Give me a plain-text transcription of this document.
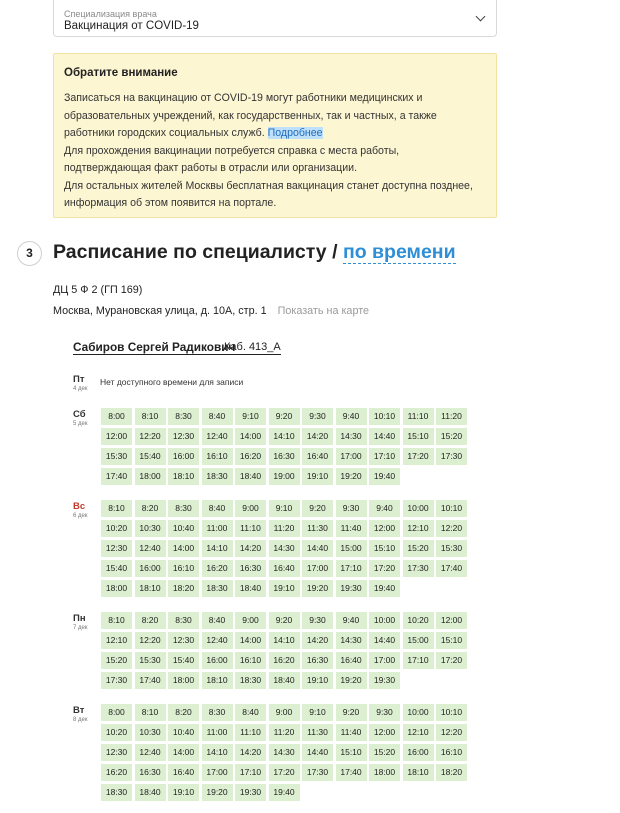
Специализация врача
Вакцинация от COVID-19
Обратите внимание
Записаться на вакцинацию от COVID-19 могут работники медицинских и образовательных учреждений, как государственных, так и частных, а также работники городских социальных служб. Подробнее
Для прохождения вакцинации потребуется справка с места работы, подтверждающая факт работы в отрасли или организации.
Для остальных жителей Москвы бесплатная вакцинация станет доступна позднее, информация об этом появится на портале.
3	Расписание по специалисту / по времени
ДЦ 5 Ф 2 (ГП 169)
Москва, Мурановская улица, д. 10А, стр. 1 Показать на карте
Сабиров Сергей Радикович
Каб. 413_А
Пт
4 дек
Нет доступного времени для записи
Сб
5 дек
8:00	8:10	8:30	8:40	9:10	9:20	9:30	9:40	10:10	11:10	11:20
12:00	12:20	12:30	12:40	14:00	14:10	14:20	14:30	14:40	15:10	15:20
15:30	15:40	16:00	16:10	16:20	16:30	16:40	17:00	17:10	17:20	17:30
17:40	18:00	18:10	18:30	18:40	19:00	19:10	19:20	19:40
Вс
6 дек
8:10	8:20	8:30	8:40	9:00	9:10	9:20	9:30	9:40	10:00	10:10
10:20	10:30	10:40	11:00	11:10	11:20	11:30	11:40	12:00	12:10	12:20
12:30	12:40	14:00	14:10	14:20	14:30	14:40	15:00	15:10	15:20	15:30
15:40	16:00	16:10	16:20	16:30	16:40	17:00	17:10	17:20	17:30	17:40
18:00	18:10	18:20	18:30	18:40	19:10	19:20	19:30	19:40
Пн
7 дек
8:10	8:20	8:30	8:40	9:00	9:20	9:30	9:40	10:00	10:20	12:00
12:10	12:20	12:30	12:40	14:00	14:10	14:20	14:30	14:40	15:00	15:10
15:20	15:30	15:40	16:00	16:10	16:20	16:30	16:40	17:00	17:10	17:20
17:30	17:40	18:00	18:10	18:30	18:40	19:10	19:20	19:30
Вт
8 дек
8:00	8:10	8:20	8:30	8:40	9:00	9:10	9:20	9:30	10:00	10:10
10:20	10:30	10:40	11:00	11:10	11:20	11:30	11:40	12:00	12:10	12:20
12:30	12:40	14:00	14:10	14:20	14:30	14:40	15:10	15:20	16:00	16:10
16:20	16:30	16:40	17:00	17:10	17:20	17:30	17:40	18:00	18:10	18:20
18:30	18:40	19:10	19:20	19:30	19:40
